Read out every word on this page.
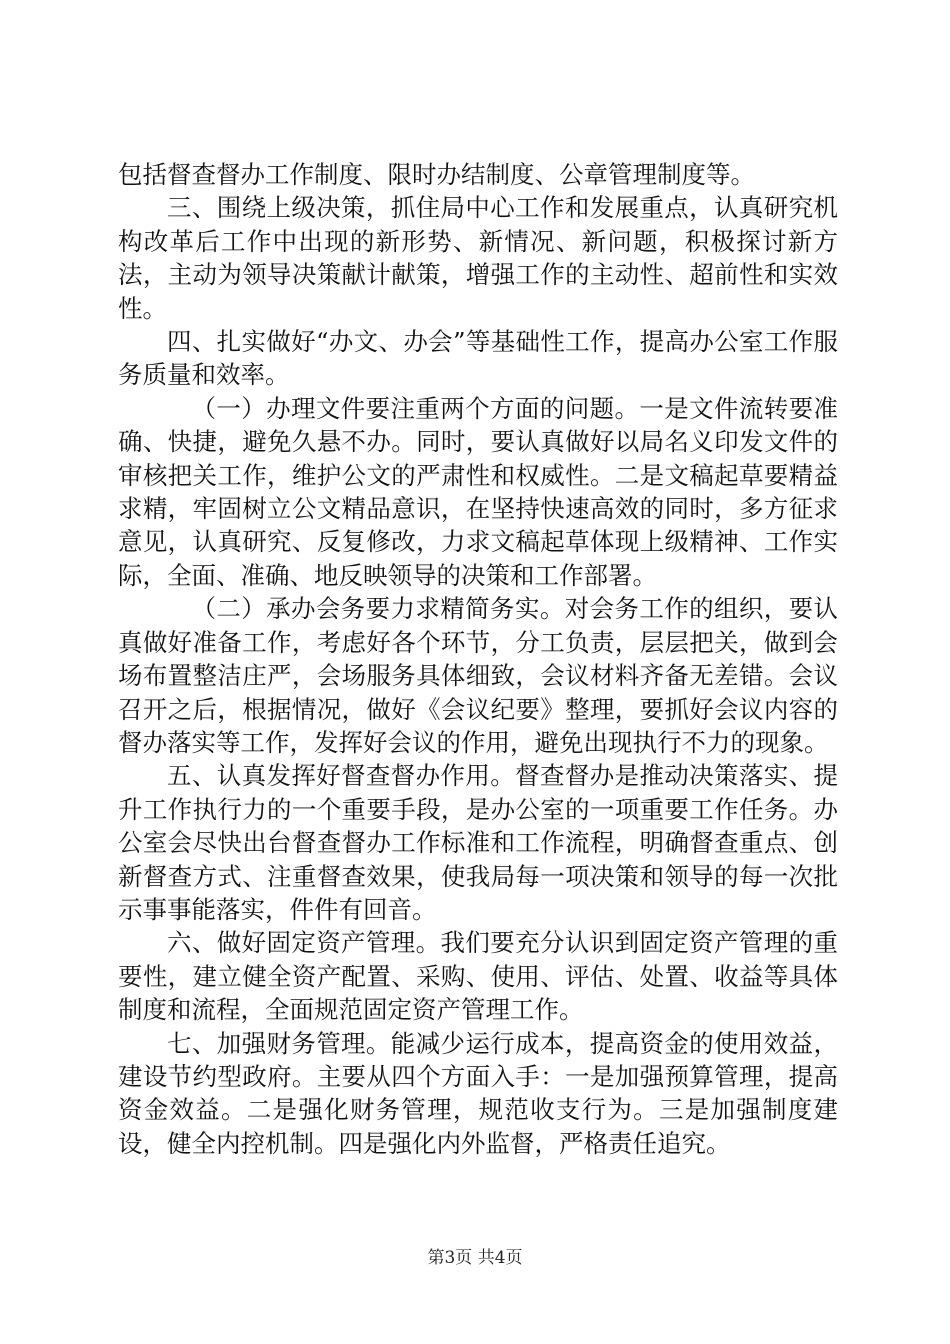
包括督查督办工作制度、限时办结制度、公章管理制度等。

三、围绕上级决策，抓住局中心工作和发展重点，认真研究机构改革后工作中出现的新形势、新情况、新问题，积极探讨新方法，主动为领导决策献计献策，增强工作的主动性、超前性和实效性。

四、扎实做好“办文、办会”等基础性工作，提高办公室工作服务质量和效率。

（一）办理文件要注重两个方面的问题。一是文件流转要准确、快捷，避免久悬不办。同时，要认真做好以局名义印发文件的审核把关工作，维护公文的严肃性和权威性。二是文稿起草要精益求精，牢固树立公文精品意识，在坚持快速高效的同时，多方征求意见，认真研究、反复修改，力求文稿起草体现上级精神、工作实际，全面、准确、地反映领导的决策和工作部署。

（二）承办会务要力求精简务实。对会务工作的组织，要认真做好准备工作，考虑好各个环节，分工负责，层层把关，做到会场布置整洁庄严，会场服务具体细致，会议材料齐备无差错。会议召开之后，根据情况，做好《会议纪要》整理，要抓好会议内容的督办落实等工作，发挥好会议的作用，避免出现执行不力的现象。

五、认真发挥好督查督办作用。督查督办是推动决策落实、提升工作执行力的一个重要手段，是办公室的一项重要工作任务。办公室会尽快出台督查督办工作标准和工作流程，明确督查重点、创新督查方式、注重督查效果，使我局每一项决策和领导的每一次批示事事能落实，件件有回音。

六、做好固定资产管理。我们要充分认识到固定资产管理的重要性，建立健全资产配置、采购、使用、评估、处置、收益等具体制度和流程，全面规范固定资产管理工作。

七、加强财务管理。能减少运行成本，提高资金的使用效益，建设节约型政府。主要从四个方面入手：一是加强预算管理，提高资金效益。二是强化财务管理，规范收支行为。三是加强制度建设，健全内控机制。四是强化内外监督，严格责任追究。

第3页 共4页
